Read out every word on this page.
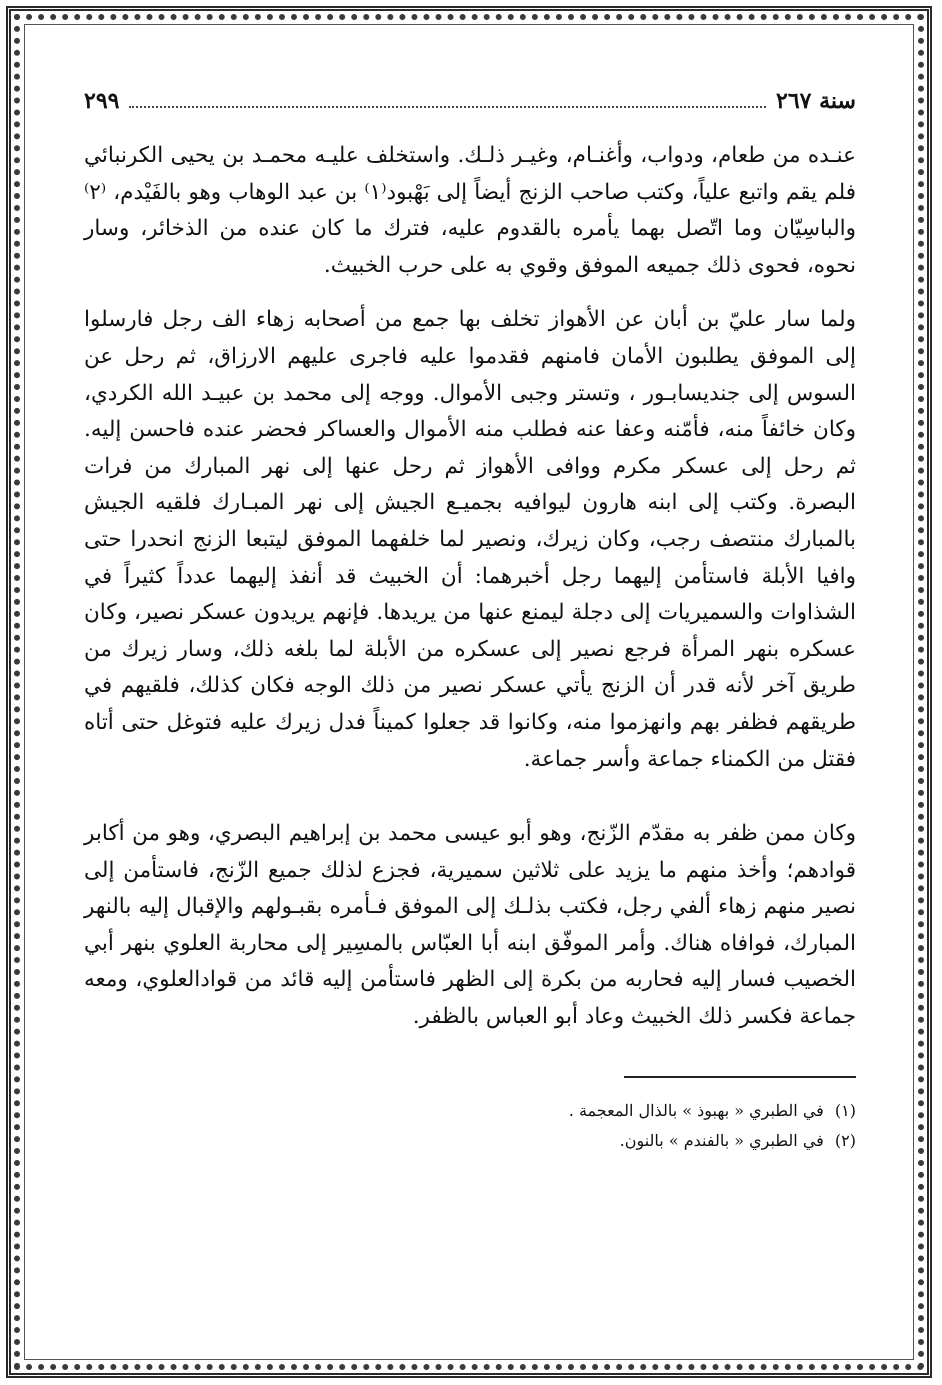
سنة ٢٦٧
٢٩٩

عنـده من طعام، ودواب، وأغنـام، وغيـر ذلـك. واستخلف عليـه محمـد بن يحيى الكرنبائي فلم يقم واتبع علياً، وكتب صاحب الزنج أيضاً إلى بَهْبود⁽١⁾ بن عبد الوهاب وهو بالفَيْدم، ⁽٢⁾ والباسِيّان وما اتّصل بهما يأمره بالقدوم عليه، فترك ما كان عنده من الذخائر، وسار نحوه، فحوى ذلك جميعه الموفق وقوي به على حرب الخبيث.

ولما سار عليّ بن أبان عن الأهواز تخلف بها جمع من أصحابه زهاء الف رجل فارسلوا إلى الموفق يطلبون الأمان فامنهم فقدموا عليه فاجرى عليهم الارزاق، ثم رحل عن السوس إلى جنديسابـور ، وتستر وجبى الأموال. ووجه إلى محمد بن عبيـد الله الكردي، وكان خائفاً منه، فأمّنه وعفا عنه فطلب منه الأموال والعساكر فحضر عنده فاحسن إليه. ثم رحل إلى عسكر مكرم ووافى الأهواز ثم رحل عنها إلى نهر المبارك من فرات البصرة. وكتب إلى ابنه هارون ليوافيه بجميـع الجيش إلى نهر المبـارك فلقيه الجيش بالمبارك منتصف رجب، وكان زيرك، ونصير لما خلفهما الموفق ليتبعا الزنج انحدرا حتى وافيا الأبلة فاستأمن إليهما رجل أخبرهما: أن الخبيث قد أنفذ إليهما عدداً كثيراً في الشذاوات والسميريات إلى دجلة ليمنع عنها من يريدها. فإنهم يريدون عسكر نصير، وكان عسكره بنهر المرأة فرجع نصير إلى عسكره من الأبلة لما بلغه ذلك، وسار زيرك من طريق آخر لأنه قدر أن الزنج يأتي عسكر نصير من ذلك الوجه فكان كذلك، فلقيهم في طريقهم فظفر بهم وانهزموا منه، وكانوا قد جعلوا كميناً فدل زيرك عليه فتوغل حتى أتاه فقتل من الكمناء جماعة وأسر جماعة.

وكان ممن ظفر به مقدّم الزّنج، وهو أبو عيسى محمد بن إبراهيم البصري، وهو من أكابر قوادهم؛ وأخذ منهم ما يزيد على ثلاثين سميرية، فجزع لذلك جميع الزّنج، فاستأمن إلى نصير منهم زهاء ألفي رجل، فكتب بذلـك إلى الموفق فـأمره بقبـولهم والإقبال إليه بالنهر المبارك، فوافاه هناك. وأمر الموفّق ابنه أبا العبّاس بالمسِير إلى محاربة العلوي بنهر أبي الخصيب فسار إليه فحاربه من بكرة إلى الظهر فاستأمن إليه قائد من قوادالعلوي، ومعه جماعة فكسر ذلك الخبيث وعاد أبو العباس بالظفر.

(١) في الطبري « بهبوذ » بالذال المعجمة .

(٢) في الطبري « بالفندم » بالنون.
